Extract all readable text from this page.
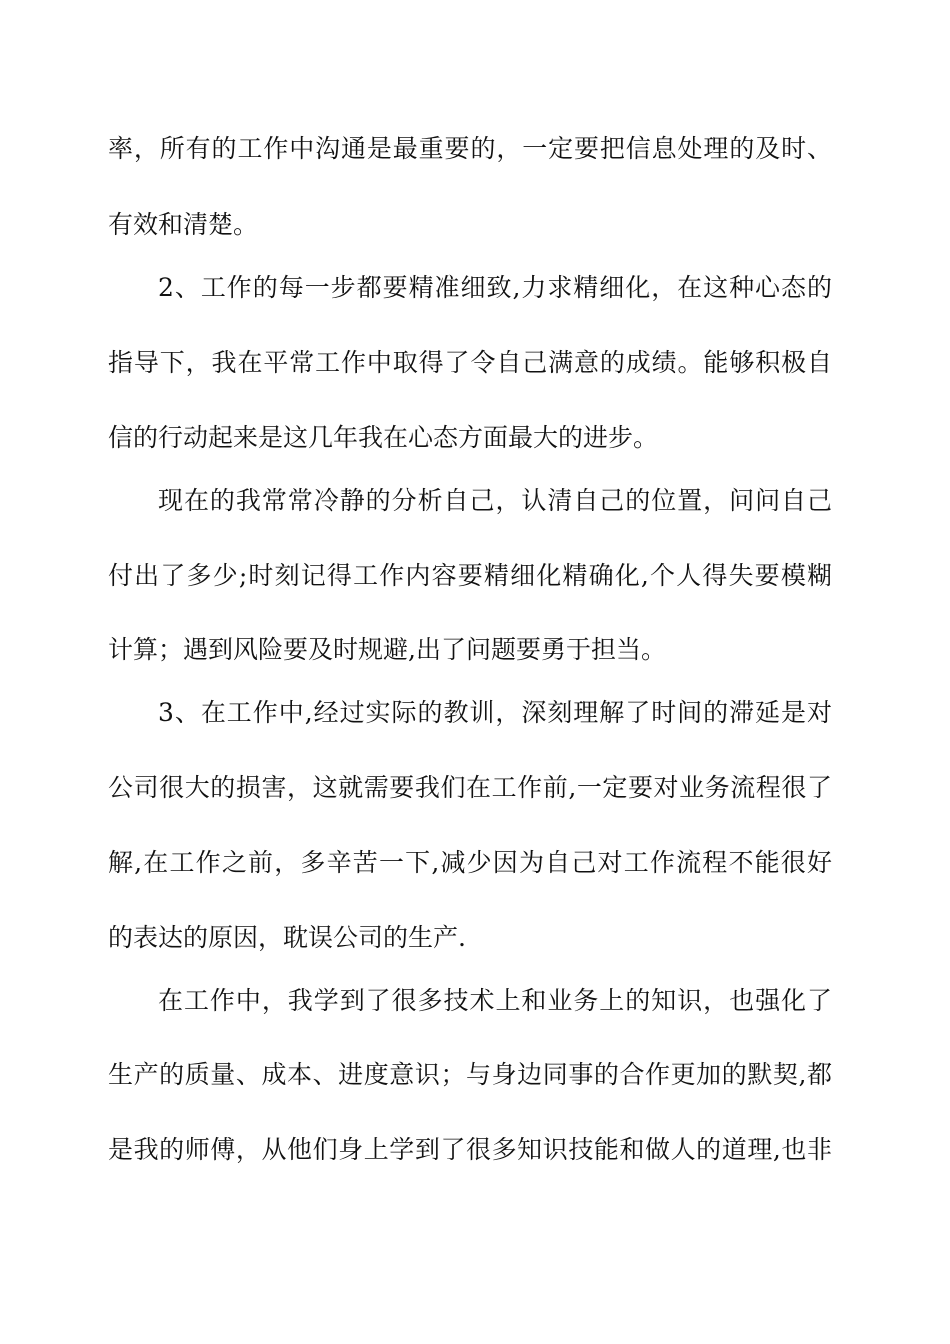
率，所有的工作中沟通是最重要的，一定要把信息处理的及时、
有效和清楚。
2、工作的每一步都要精准细致,力求精细化，在这种心态的
指导下，我在平常工作中取得了令自己满意的成绩。能够积极自
信的行动起来是这几年我在心态方面最大的进步。
现在的我常常冷静的分析自己，认清自己的位置，问问自己
付出了多少;时刻记得工作内容要精细化精确化,个人得失要模糊
计算；遇到风险要及时规避,出了问题要勇于担当。
3、在工作中,经过实际的教训，深刻理解了时间的滞延是对
公司很大的损害，这就需要我们在工作前,一定要对业务流程很了
解,在工作之前，多辛苦一下,减少因为自己对工作流程不能很好
的表达的原因，耽误公司的生产.
在工作中，我学到了很多技术上和业务上的知识，也强化了
生产的质量、成本、进度意识；与身边同事的合作更加的默契,都
是我的师傅，从他们身上学到了很多知识技能和做人的道理,也非
